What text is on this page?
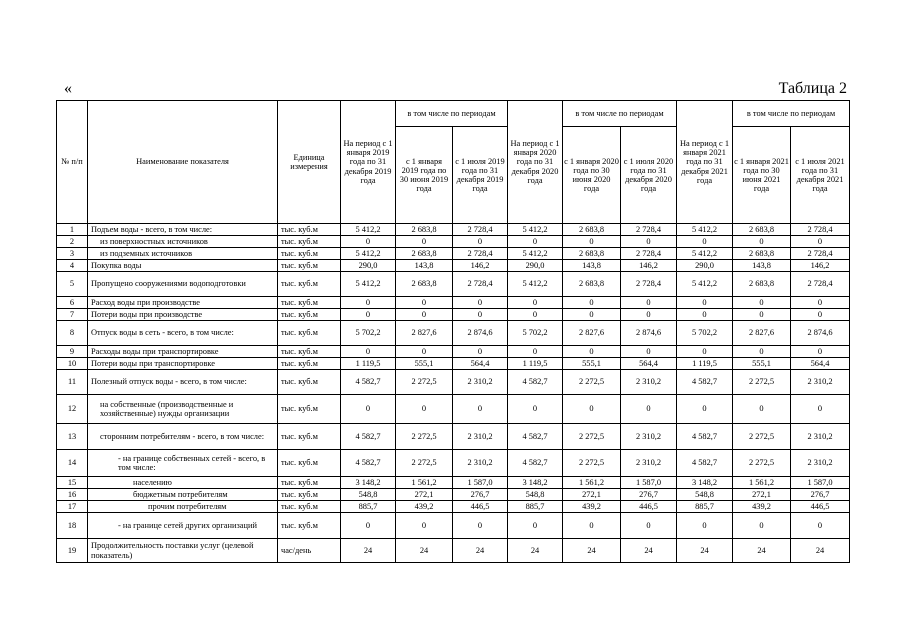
«	Таблица 2
№ п/п	Наименование показателя	Единица измерения	На период с 1 января 2019 года по 31 декабря 2019 года	в том числе по периодам		На период с 1 января 2020 года по 31 декабря 2020 года	в том числе по периодам		На период с 1 января 2021 года по 31 декабря 2021 года	в том числе по периодам	
				с 1 января 2019 года по 30 июня 2019 года	с 1 июля 2019 года по 31 декабря 2019 года		с 1 января 2020 года по 30 июня 2020 года	с 1 июля 2020 года по 31 декабря 2020 года		с 1 января 2021 года по 30 июня 2021 года	с 1 июля 2021 года по 31 декабря 2021 года
1	Подъем воды - всего, в том числе:	тыс. куб.м	5 412,2	2 683,8	2 728,4	5 412,2	2 683,8	2 728,4	5 412,2	2 683,8	2 728,4
2	из поверхностных источников	тыс. куб.м	0	0	0	0	0	0	0	0	0
3	из подземных источников	тыс. куб.м	5 412,2	2 683,8	2 728,4	5 412,2	2 683,8	2 728,4	5 412,2	2 683,8	2 728,4
4	Покупка воды	тыс. куб.м	290,0	143,8	146,2	290,0	143,8	146,2	290,0	143,8	146,2
5	Пропущено сооружениями водоподготовки	тыс. куб.м	5 412,2	2 683,8	2 728,4	5 412,2	2 683,8	2 728,4	5 412,2	2 683,8	2 728,4
6	Расход воды при производстве	тыс. куб.м	0	0	0	0	0	0	0	0	0
7	Потери воды при производстве	тыс. куб.м	0	0	0	0	0	0	0	0	0
8	Отпуск воды в сеть - всего, в том числе:	тыс. куб.м	5 702,2	2 827,6	2 874,6	5 702,2	2 827,6	2 874,6	5 702,2	2 827,6	2 874,6
9	Расходы воды при транспортировке	тыс. куб.м	0	0	0	0	0	0	0	0	0
10	Потери воды при транспортировке	тыс. куб.м	1 119,5	555,1	564,4	1 119,5	555,1	564,4	1 119,5	555,1	564,4
11	Полезный отпуск воды - всего, в том числе:	тыс. куб.м	4 582,7	2 272,5	2 310,2	4 582,7	2 272,5	2 310,2	4 582,7	2 272,5	2 310,2
12	на собственные (производственные и хозяйственные) нужды организации	тыс. куб.м	0	0	0	0	0	0	0	0	0
13	сторонним потребителям - всего, в том числе:	тыс. куб.м	4 582,7	2 272,5	2 310,2	4 582,7	2 272,5	2 310,2	4 582,7	2 272,5	2 310,2
14	- на границе собственных сетей - всего, в том числе:	тыс. куб.м	4 582,7	2 272,5	2 310,2	4 582,7	2 272,5	2 310,2	4 582,7	2 272,5	2 310,2
15	населению	тыс. куб.м	3 148,2	1 561,2	1 587,0	3 148,2	1 561,2	1 587,0	3 148,2	1 561,2	1 587,0
16	бюджетным потребителям	тыс. куб.м	548,8	272,1	276,7	548,8	272,1	276,7	548,8	272,1	276,7
17	прочим потребителям	тыс. куб.м	885,7	439,2	446,5	885,7	439,2	446,5	885,7	439,2	446,5
18	- на границе сетей других организаций	тыс. куб.м	0	0	0	0	0	0	0	0	0
19	Продолжительность поставки услуг (целевой показатель)	час/день	24	24	24	24	24	24	24	24	24
